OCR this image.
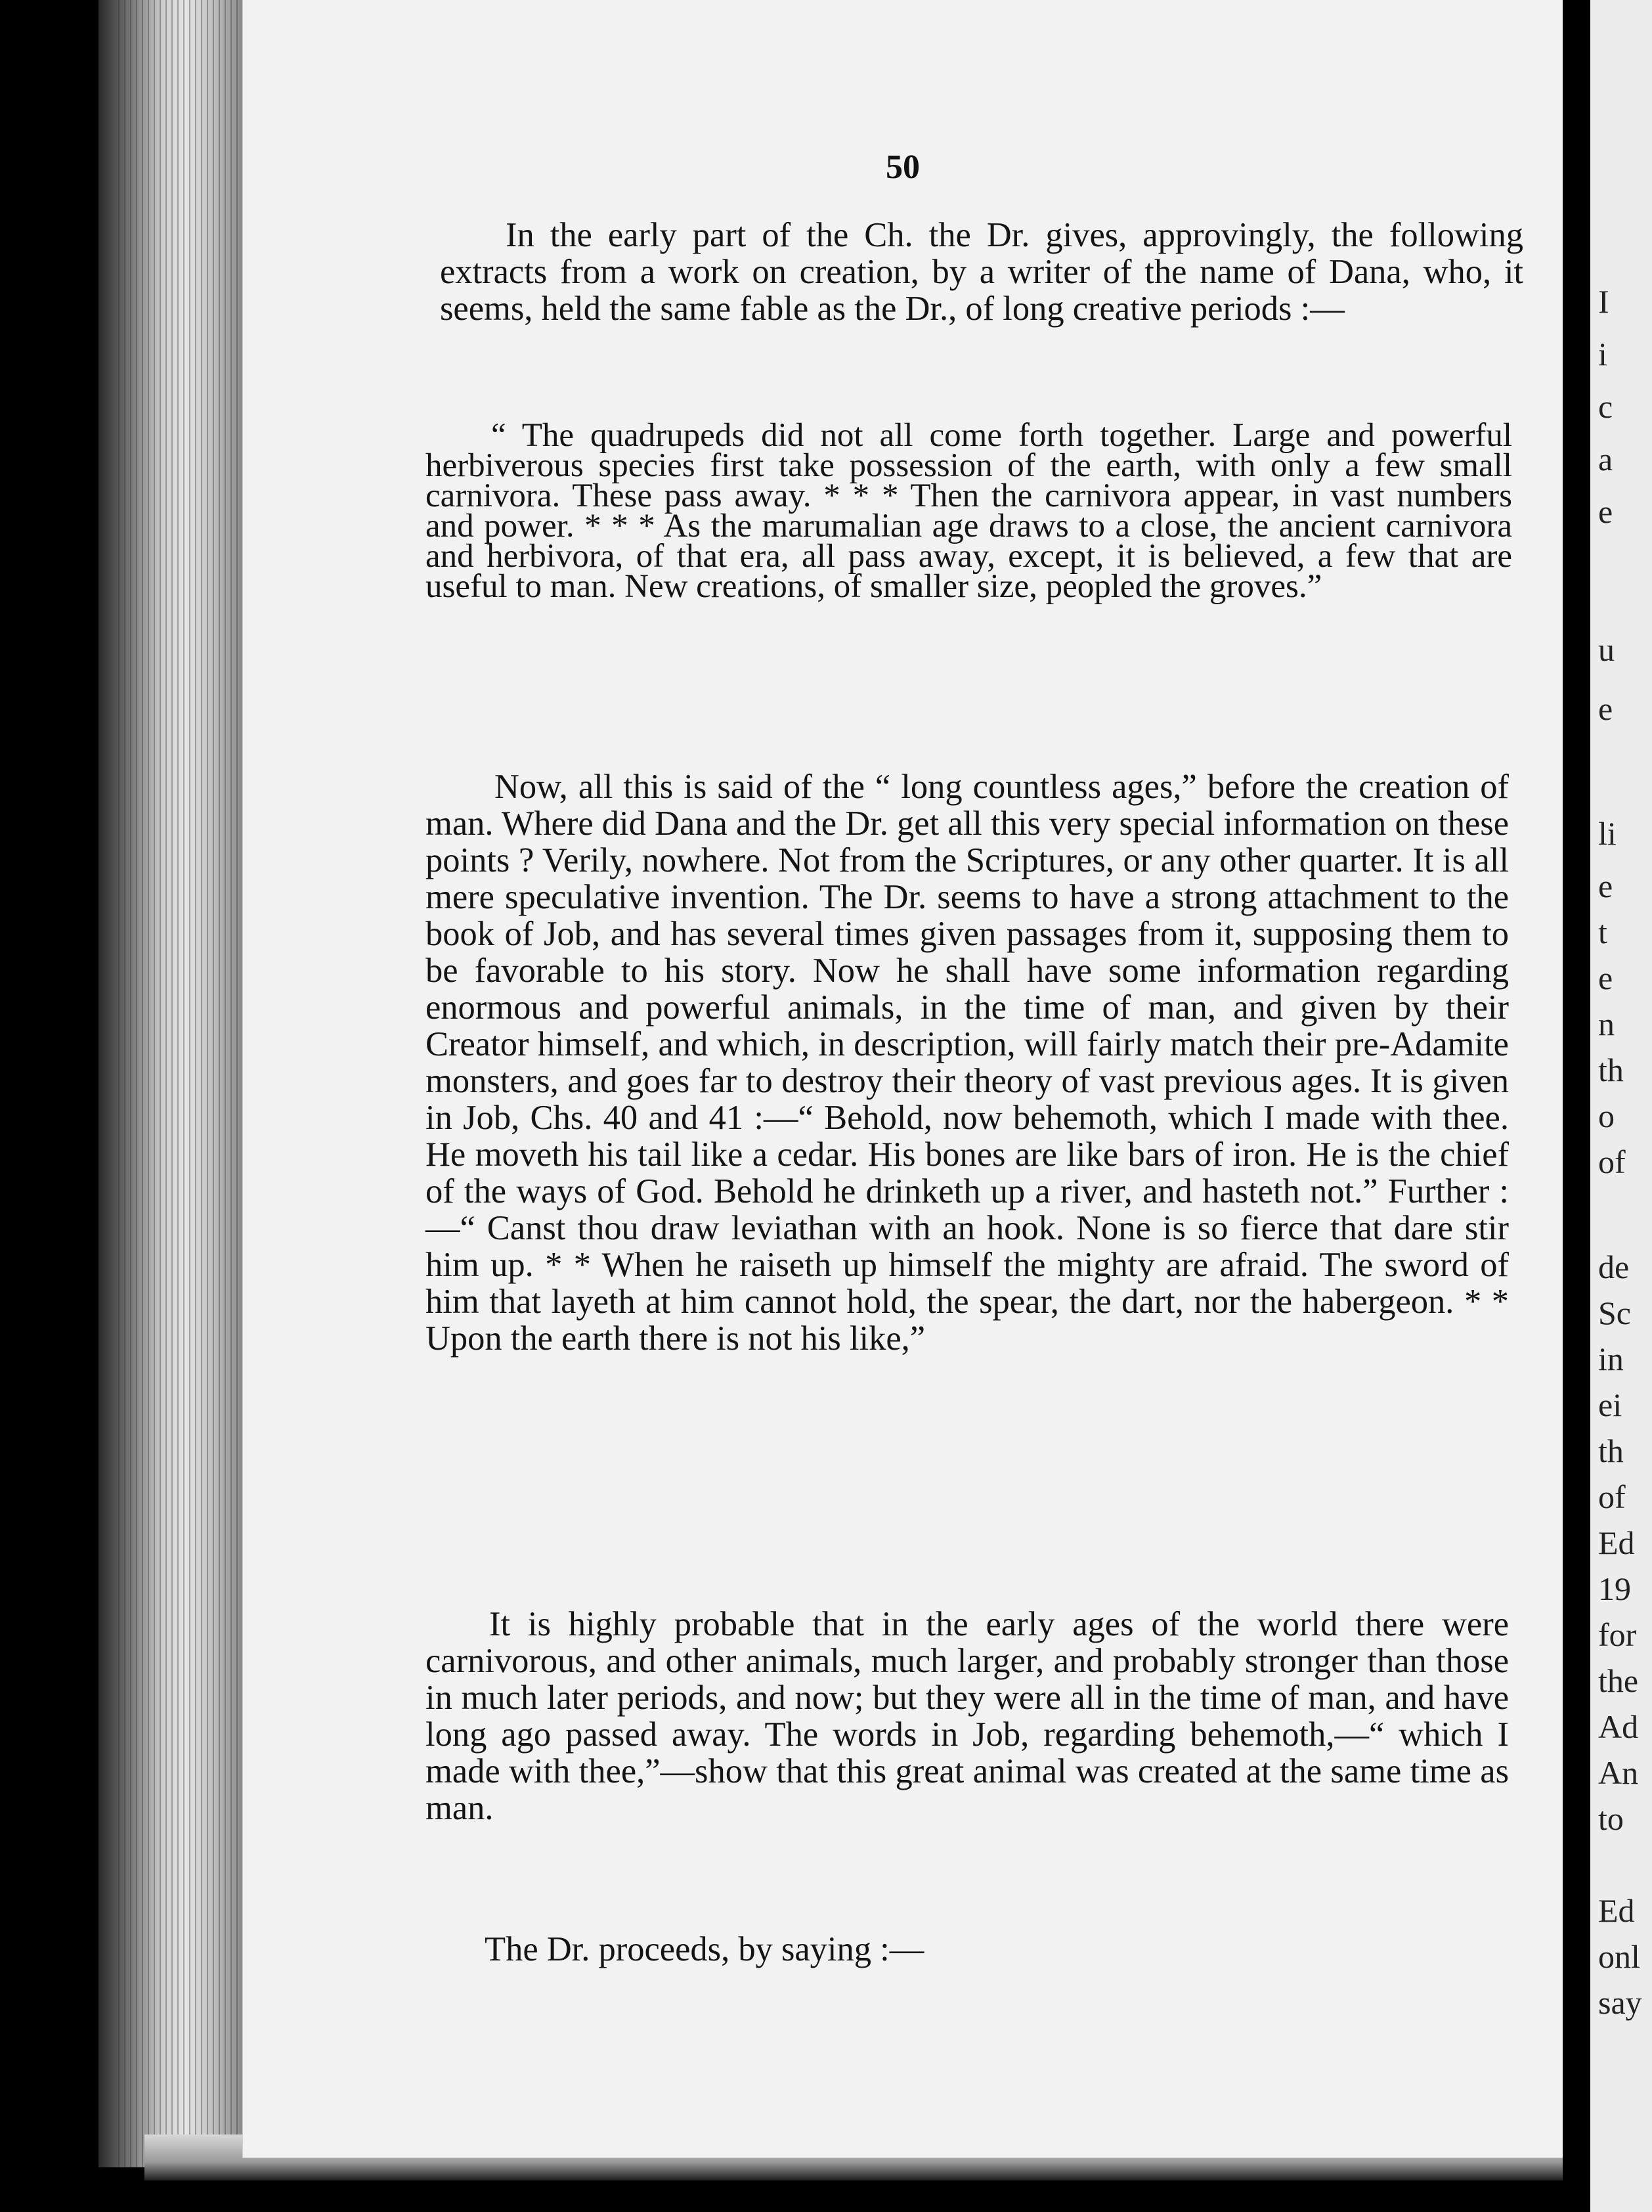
50

In the early part of the Ch. the Dr. gives, approvingly, the following extracts from a work on creation, by a writer of the name of Dana, who, it seems, held the same fable as the Dr., of long creative periods :—

“ The quadrupeds did not all come forth together. Large and powerful herbiverous species first take possession of the earth, with only a few small carnivora. These pass away. * * * Then the carnivora appear, in vast numbers and power. * * * As the marumalian age draws to a close, the ancient carnivora and herbivora, of that era, all pass away, except, it is believed, a few that are useful to man. New creations, of smaller size, peopled the groves.”

Now, all this is said of the “ long countless ages,” before the creation of man. Where did Dana and the Dr. get all this very special information on these points ? Verily, nowhere. Not from the Scriptures, or any other quarter. It is all mere speculative invention. The Dr. seems to have a strong attachment to the book of Job, and has several times given passages from it, supposing them to be favorable to his story. Now he shall have some information regarding enormous and powerful animals, in the time of man, and given by their Creator himself, and which, in description, will fairly match their pre-Adamite monsters, and goes far to destroy their theory of vast previous ages. It is given in Job, Chs. 40 and 41 :—“ Behold, now behemoth, which I made with thee. He moveth his tail like a cedar. His bones are like bars of iron. He is the chief of the ways of God. Behold he drinketh up a river, and hasteth not.” Further :—“ Canst thou draw leviathan with an hook. None is so fierce that dare stir him up. * * When he raiseth up himself the mighty are afraid. The sword of him that layeth at him cannot hold, the spear, the dart, nor the habergeon. * * Upon the earth there is not his like,”

It is highly probable that in the early ages of the world there were carnivorous, and other animals, much larger, and probably stronger than those in much later periods, and now; but they were all in the time of man, and have long ago passed away. The words in Job, regarding behemoth,—“ which I made with thee,”—show that this great animal was created at the same time as man.

The Dr. proceeds, by saying :—

I
i
c
a
e
u
e
li
e
t
e
n
th
o
of
de
Sc
in
ei
th
of
Ed
19
for
the
Ad
An
to
Ed
onl
say
